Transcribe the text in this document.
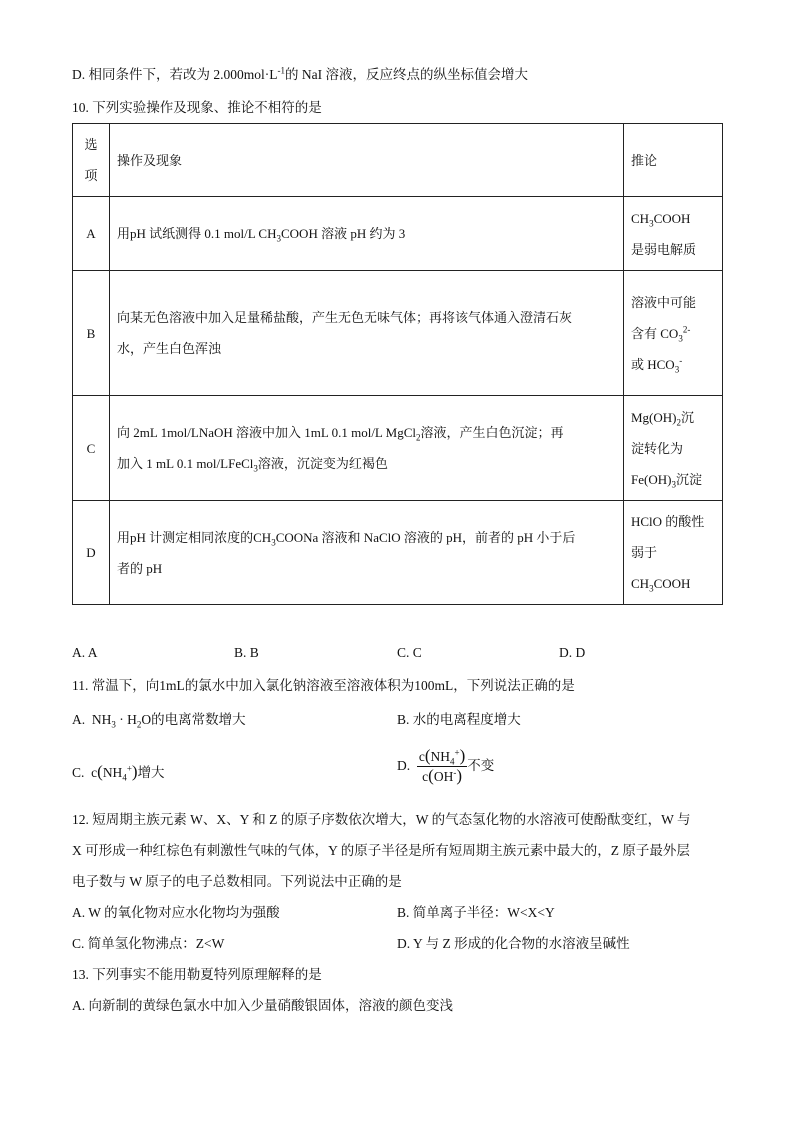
D. 相同条件下，若改为 $2.000mol\cdot L^{-1}$的 NaI 溶液，反应终点的纵坐标值会增大
10. 下列实验操作及现象、推论不相符的是
选
项	操作及现象	推论
A	用pH 试纸测得 0.1 mol/L $CH_3COOH$ 溶液 pH 约为 3	$CH_3COOH$
是弱电解质

B	向某无色溶液中加入足量稀盐酸，产生无色无味气体；再将该气体通入澄清石灰
水，产生白色浑浊	溶液中可能
含有 $CO_3^{2-}$
或 $HCO_3^-$

C	向 2mL 1mol/LNaOH 溶液中加入 1mL 0.1 mol/L MgCl$_2$溶液，产生白色沉淀；再
加入 1 mL 0.1 mol/LFeCl$_3$溶液，沉淀变为红褐色	$Mg(OH)_2$沉
淀转化为
$Fe(OH)_3$沉淀

D	用pH 计测定相同浓度的$CH_3COONa$ 溶液和 NaClO 溶液的 pH，前者的 pH 小于后
者的 pH	HClO 的酸性
弱于
$CH_3COOH$
A. A	B. B	C. C	D. D
11. 常温下，向1mL的氯水中加入氯化钠溶液至溶液体积为100mL，下列说法正确的是
A.  $NH_3 \cdot H_2O$的电离常数增大	B. 水的电离程度增大
C.  $c(NH_4^+)$增大	D. $\frac{c(NH_4^+)}{c(OH^-)}$ 不变
12. 短周期主族元素 W、X、Y 和 Z 的原子序数依次增大，W 的气态氢化物的水溶液可使酚酞变红，W 与
X 可形成一种红棕色有刺激性气味的气体，Y 的原子半径是所有短周期主族元素中最大的，Z 原子最外层
电子数与 W 原子的电子总数相同。下列说法中正确的是
A. W 的氧化物对应水化物均为强酸	B. 简单离子半径：W<X<Y
C. 简单氢化物沸点：Z<W	D. Y 与 Z 形成的化合物的水溶液呈碱性
13. 下列事实不能用勒夏特列原理解释的是
A. 向新制的黄绿色氯水中加入少量硝酸银固体，溶液的颜色变浅
